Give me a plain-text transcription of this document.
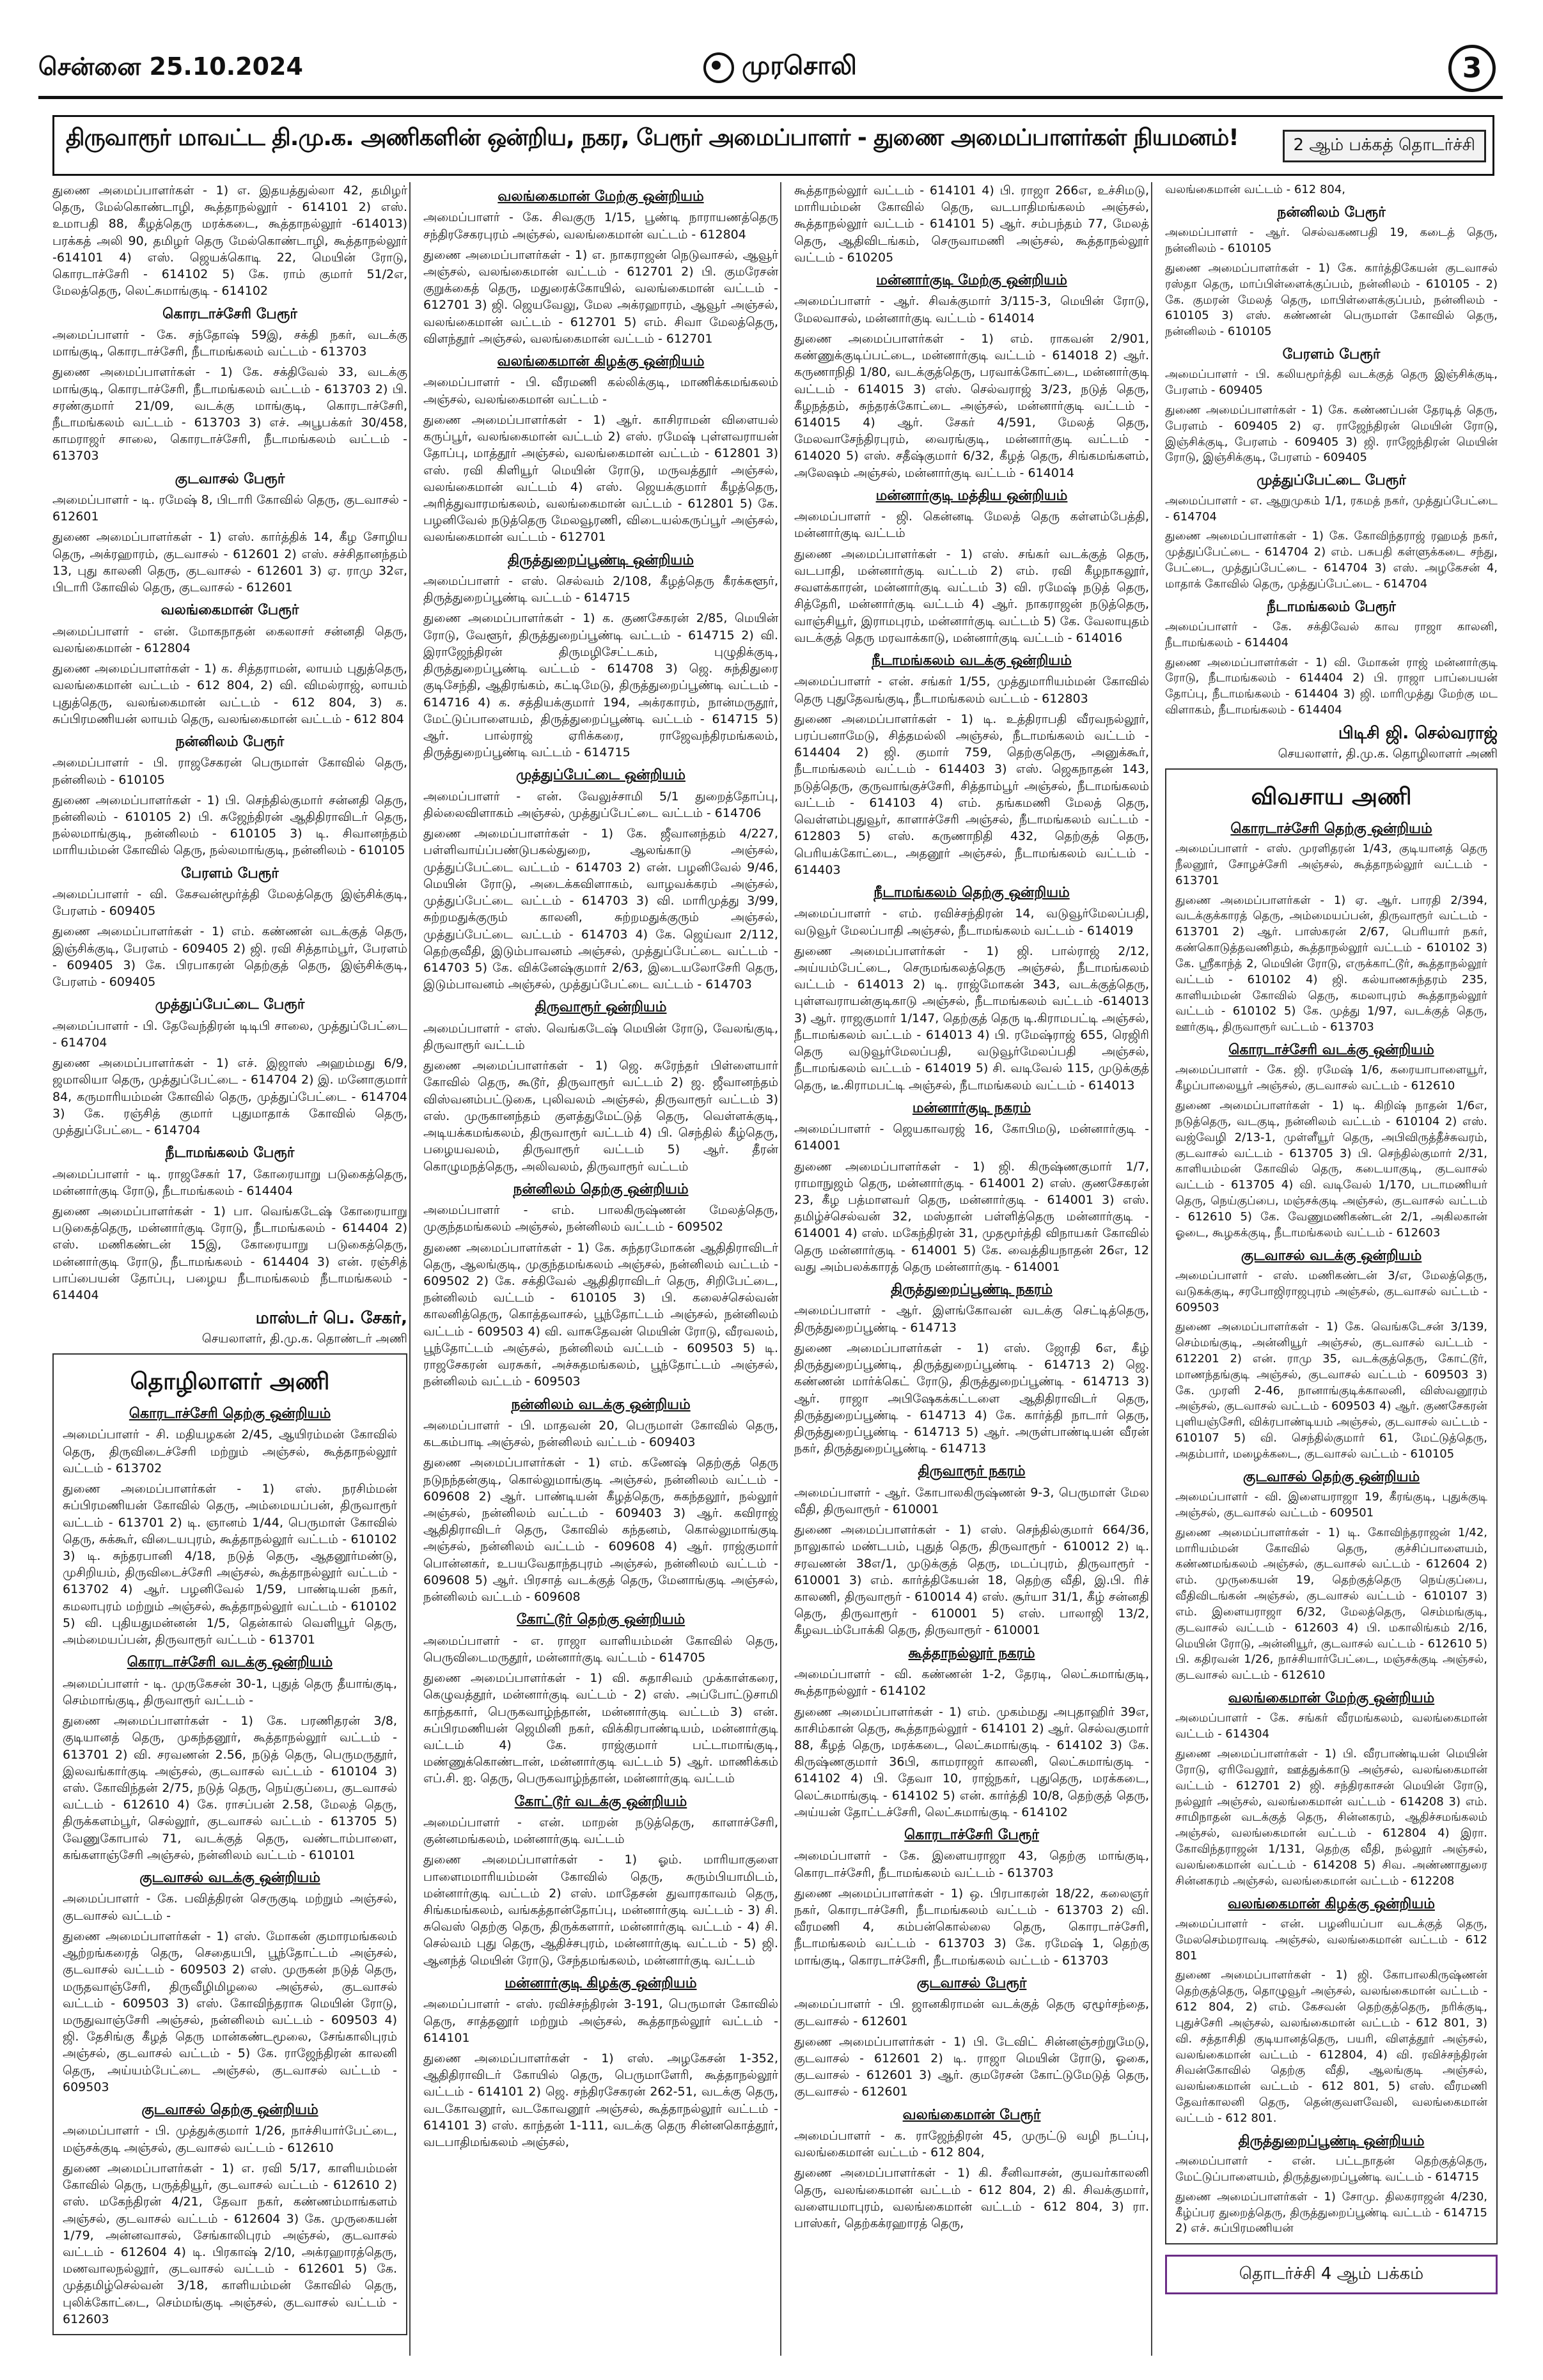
சென்னை 25.10.2024	முரசொலி	3
திருவாரூர் மாவட்ட தி.மு.க. அணிகளின் ஒன்றிய, நகர, பேரூர் அமைப்பாளர் - துணை அமைப்பாளர்கள் நியமனம்!	2 ஆம் பக்கத் தொடர்ச்சி

துணை அமைப்பாளர்கள் - 1) எ. இதயத்துல்லா 42, தமிழர் தெரு, மேல்கொண்டாழி, கூத்தாநல்லூர் - 614101 2) எஸ். உமாபதி 88, கீழத்தெரு மரக்கடை, கூத்தாநல்லூர் -614013) பரக்கத் அலி 90, தமிழர் தெரு மேல்கொண்டாழி, கூத்தாநல்லூர் -614101 4) எஸ். ஜெயக்கொடி 22, மெயின் ரோடு, கொரடாச்சேரி - 614102 5) கே. ராம் குமார் 51/2எ, மேலத்தெரு, லெட்சுமாங்குடி - 614102

கொரடாச்சேரி பேரூர்

அமைப்பாளர் - கே. சந்தோஷ் 59இ, சக்தி நகர், வடக்கு மாங்குடி, கொரடாச்சேரி, நீடாமங்கலம் வட்டம் - 613703

துணை அமைப்பாளர்கள் - 1) கே. சக்திவேல் 33, வடக்கு மாங்குடி, கொரடாச்சேரி, நீடாமங்கலம் வட்டம் - 613703 2) பி. சரண்குமார் 21/09, வடக்கு மாங்குடி, கொரடாச்சேரி, நீடாமங்கலம் வட்டம் - 613703 3) எச். அபூபக்கர் 30/458, காமராஜர் சாலை, கொரடாச்சேரி, நீடாமங்கலம் வட்டம் - 613703

குடவாசல் பேரூர்

அமைப்பாளர் - டி. ரமேஷ் 8, பிடாரி கோவில் தெரு, குடவாசல் - 612601

துணை அமைப்பாளர்கள் - 1) எஸ். கார்த்திக் 14, கீழ சோழிய தெரு, அக்ரஹாரம், குடவாசல் - 612601 2) எஸ். சச்சிதானந்தம் 13, புது காலனி தெரு, குடவாசல் - 612601 3) ஏ. ராமு 32எ, பிடாரி கோவில் தெரு, குடவாசல் - 612601

வலங்கைமான் பேரூர்

அமைப்பாளர் - என். மோகநாதன் கைலாசர் சன்னதி தெரு, வலங்கைமான் - 612804

துணை அமைப்பாளர்கள் - 1) க. சித்தராமன், லாயம் புதுத்தெரு, வலங்கைமான் வட்டம் - 612 804, 2) வி. விமல்ராஜ், லாயம் புதுத்தெரு, வலங்கைமான் வட்டம் - 612 804, 3) க. சுப்பிரமணியன் லாயம் தெரு, வலங்கைமான் வட்டம் - 612 804

நன்னிலம் பேரூர்

அமைப்பாளர் - பி. ராஜசேகரன் பெருமாள் கோவில் தெரு, நன்னிலம் - 610105

துணை அமைப்பாளர்கள் - 1) பி. செந்தில்குமார் சன்னதி தெரு, நன்னிலம் - 610105 2) பி. சுஜேந்திரன் ஆதிதிராவிடர் தெரு, நல்லமாங்குடி, நன்னிலம் - 610105 3) டி. சிவானந்தம் மாரியம்மன் கோவில் தெரு, நல்லமாங்குடி, நன்னிலம் - 610105

பேரளம் பேரூர்

அமைப்பாளர் - வி. கேசவன்மூர்த்தி மேலத்தெரு இஞ்சிக்குடி, பேரளம் - 609405

துணை அமைப்பாளர்கள் - 1) எம். கண்ணன் வடக்குத் தெரு, இஞ்சிக்குடி, பேரளம் - 609405 2) ஜி. ரவி சித்தாம்பூர், பேரளம் - 609405 3) கே. பிரபாகரன் தெற்குத் தெரு, இஞ்சிக்குடி, பேரளம் - 609405

முத்துப்பேட்டை பேரூர்

அமைப்பாளர் - பி. தேவேந்திரன் டிடிபி சாலை, முத்துப்பேட்டை - 614704

துணை அமைப்பாளர்கள் - 1) எச். இஜாஸ் அஹம்மது 6/9, ஜமாலியா தெரு, முத்துப்பேட்டை - 614704 2) இ. மனோகுமார் 84, கருமாரியம்மன் கோவில் தெரு, முத்துப்பேட்டை - 614704 3) கே. ரஞ்சித் குமார் புதுமாதாக் கோவில் தெரு, முத்துப்பேட்டை - 614704

நீடாமங்கலம் பேரூர்

அமைப்பாளர் - டி. ராஜசேகர் 17, கோரையாறு படுகைத்தெரு, மன்னார்குடி ரோடு, நீடாமங்கலம் - 614404

துணை அமைப்பாளர்கள் - 1) பா. வெங்கடேஷ் கோரையாறு படுகைத்தெரு, மன்னார்குடி ரோடு, நீடாமங்கலம் - 614404 2) எஸ். மணிகண்டன் 15இ, கோரையாறு படுகைத்தெரு, மன்னார்குடி ரோடு, நீடாமங்கலம் - 614404 3) என். ரஞ்சித் பாப்பையன் தோப்பு, பழைய நீடாமங்கலம் நீடாமங்கலம் - 614404

மாஸ்டர் பெ. சேகர்,
செயலாளர், தி.மு.க. தொண்டர் அணி
தொழிலாளர் அணி
கொரடாச்சேரி தெற்கு ஒன்றியம்

அமைப்பாளர் - சி. மதியழகன் 2/45, ஆயிரம்மன் கோவில் தெரு, திருவிடைச்சேரி மற்றும் அஞ்சல், கூத்தாநல்லூர் வட்டம் - 613702

துணை அமைப்பாளர்கள் - 1) எஸ். நரசிம்மன் சுப்பிரமணியன் கோவில் தெரு, அம்மையப்பன், திருவாரூர் வட்டம் - 613701 2) டி. ஞானம் 1/44, பெருமாள் கோவில் தெரு, சுக்கூர், விடையபுரம், கூத்தாநல்லூர் வட்டம் - 610102 3) டி. சுந்தரபானி 4/18, நடுத் தெரு, ஆதனூர்மண்டு, முசிறியம், திருவிடைச்சேரி அஞ்சல், கூத்தாநல்லூர் வட்டம் - 613702 4) ஆர். பழனிவேல் 1/59, பாண்டியன் நகர், கமலாபுரம் மற்றும் அஞ்சல், கூத்தாநல்லூர் வட்டம் - 610102 5) வி. புதியதுமன்னன் 1/5, தென்கால் வெளியூர் தெரு, அம்மையப்பன், திருவாரூர் வட்டம் - 613701

கொரடாச்சேரி வடக்கு ஒன்றியம்

அமைப்பாளர் - டி. முருகேசன் 30-1, புதுத் தெரு தீயாங்குடி, செம்மாங்குடி, திருவாரூர் வட்டம் -

துணை அமைப்பாளர்கள் - 1) கே. பரணிதரன் 3/8, குடியானத் தெரு, முகந்தனூர், கூத்தாநல்லூர் வட்டம் - 613701 2) வி. சரவணன் 2.56, நடுத் தெரு, பெருமருதூர், இலவங்கார்குடி அஞ்சல், குடவாசல் வட்டம் - 610104 3) எஸ். கோவிந்தன் 2/75, நடுத் தெரு, நெய்குப்பை, குடவாசல் வட்டம் - 612610 4) கே. ராசப்பன் 2.58, மேலத் தெரு, திருக்களம்பூர், செல்லூர், குடவாசல் வட்டம் - 613705 5) வேணுகோபால் 71, வடக்குத் தெரு, வண்டாம்பாளை, கங்களாஞ்சேரி அஞ்சல், நன்னிலம் வட்டம் - 610101

குடவாசல் வடக்கு ஒன்றியம்

அமைப்பாளர் - கே. பவித்திரன் செருகுடி மற்றும் அஞ்சல், குடவாசல் வட்டம் -

துணை அமைப்பாளர்கள் - 1) எஸ். மோகன் குமாரமங்கலம் ஆற்றங்கரைத் தெரு, செதையபி, பூந்தோட்டம் அஞ்சல், குடவாசல் வட்டம் - 609503 2) எஸ். முருகன் நடுத் தெரு, மருதவாஞ்சேரி, திருவீழிமிழலை அஞ்சல், குடவாசல் வட்டம் - 609503 3) எஸ். கோவிந்தராசு மெயின் ரோடு, மருதுவாஞ்சேரி அஞ்சல், நன்னிலம் வட்டம் - 609503 4) ஜி. தேசிங்கு கீழத் தெரு மான்கண்டமூலை, சேங்காலிபுரம் அஞ்சல், குடவாசல் வட்டம் - 5) கே. ராஜேந்திரன் காலனி தெரு, அய்யம்பேட்டை அஞ்சல், குடவாசல் வட்டம் - 609503

குடவாசல் தெற்கு ஒன்றியம்

அமைப்பாளர் - பி. முத்துக்குமார் 1/26, நாச்சியார்பேட்டை, மஞ்சக்குடி அஞ்சல், குடவாசல் வட்டம் - 612610

துணை அமைப்பாளர்கள் - 1) எ. ரவி 5/17, காளியம்மன் கோவில் தெரு, பருத்தியூர், குடவாசல் வட்டம் - 612610 2) எஸ். மகேந்திரன் 4/21, தேவா நகர், கண்ணம்மாங்களம் அஞ்சல், குடவாசல் வட்டம் - 612604 3) கே. முருகையன் 1/79, அன்னவாசல், சேங்காலிபுரம் அஞ்சல், குடவாசல் வட்டம் - 612604 4) டி. பிரகாஷ் 2/10, அக்ரஹாரத்தெரு, மணவாலநல்லூர், குடவாசல் வட்டம் - 612601 5) கே. முத்தமிழ்செல்வன் 3/18, காளியம்மன் கோவில் தெரு, புலிக்கோட்டை, செம்மங்குடி அஞ்சல், குடவாசல் வட்டம் - 612603

வலங்கைமான் மேற்கு ஒன்றியம்

அமைப்பாளர் - கே. சிவகுரு 1/15, பூண்டி நாராயணத்தெரு சந்திரசேகரபுரம் அஞ்சல், வலங்கைமான் வட்டம் - 612804

துணை அமைப்பாளர்கள் - 1) எ. நாகராஜன் நெடுவாசல், ஆவூர் அஞ்சல், வலங்கைமான் வட்டம் - 612701 2) பி. குமரேசன் குறுக்கைத் தெரு, மதுரைக்கோயில், வலங்கைமான் வட்டம் - 612701 3) ஜி. ஜெயவேலு, மேல அக்ரஹாரம், ஆவூர் அஞ்சல், வலங்கைமான் வட்டம் - 612701 5) எம். சிவா மேலத்தெரு, விளந்தூர் அஞ்சல், வலங்கைமான் வட்டம் - 612701

வலங்கைமான் கிழக்கு ஒன்றியம்

அமைப்பாளர் - பி. வீரமணி கல்லிக்குடி, மாணிக்கமங்கலம் அஞ்சல், வலங்கைமான் வட்டம் -

துணை அமைப்பாளர்கள் - 1) ஆர். காசிராமன் விளையல் கருப்பூர், வலங்கைமான் வட்டம் 2) எஸ். ரமேஷ் புள்ளவராயன் தோப்பு, மாத்தூர் அஞ்சல், வலங்கைமான் வட்டம் - 612801 3) எஸ். ரவி கிளியூர் மெயின் ரோடு, மருவத்தூர் அஞ்சல், வலங்கைமான் வட்டம் 4) எஸ். ஜெயக்குமார் கீழத்தெரு, அரித்துவாரமங்கலம், வலங்கைமான் வட்டம் - 612801 5) கே. பழனிவேல் நடுத்தெரு மேலவூரணி, விடையல்கருப்பூர் அஞ்சல், வலங்கைமான் வட்டம் - 612701

திருத்துறைப்பூண்டி ஒன்றியம்

அமைப்பாளர் - எஸ். செல்வம் 2/108, கீழத்தெரு கீரக்களூர், திருத்துறைப்பூண்டி வட்டம் - 614715

துணை அமைப்பாளர்கள் - 1) க. குணசேகரன் 2/85, மெயின் ரோடு, வேளூர், திருத்துறைப்பூண்டி வட்டம் - 614715 2) வி. இராஜேந்திரன் திருமழிசேட்டகம், புழுதிக்குடி, திருத்துறைப்பூண்டி வட்டம் - 614708 3) ஜெ. சுந்திதுரை குடிசேந்தி, ஆதிரங்கம், கட்டிமேடு, திருத்துறைப்பூண்டி வட்டம் - 614716 4) க. சத்தியக்குமார் 194, அக்ரகாரம், நான்மருதூர், மேட்டுப்பாளையம், திருத்துறைப்பூண்டி வட்டம் - 614715 5) ஆர். பால்ராஜ் ஏரிக்கரை, ராஜேவந்திரமங்கலம், திருத்துறைப்பூண்டி வட்டம் - 614715

முத்துப்பேட்டை ஒன்றியம்

அமைப்பாளர் - என். வேலுச்சாமி 5/1 துறைத்தோப்பு, தில்லைவிளாகம் அஞ்சல், முத்துப்பேட்டை வட்டம் - 614706

துணை அமைப்பாளர்கள் - 1) கே. ஜீவானந்தம் 4/227, பள்ளிவாய்ப்பண்டுபகல்துறை, ஆலங்காடு அஞ்சல், முத்துப்பேட்டை வட்டம் - 614703 2) என். பழனிவேல் 9/46, மெயின் ரோடு, அடைக்கவிளாகம், வாழவக்கரம் அஞ்சல், முத்துப்பேட்டை வட்டம் - 614703 3) வி. மாரிமுத்து 3/99, சுற்றமதுக்குரும் காலனி, சுற்றமதுக்குரும் அஞ்சல், முத்துப்பேட்டை வட்டம் - 614703 4) கே. ஜெய்வா 2/112, தெற்குவீதி, இடும்பாவனம் அஞ்சல், முத்துப்பேட்டை வட்டம் - 614703 5) கே. விக்னேஷ்குமார் 2/63, இடையலோசேரி தெரு, இடும்பாவனம் அஞ்சல், முத்துப்பேட்டை வட்டம் - 614703

திருவாரூர் ஒன்றியம்

அமைப்பாளர் - எஸ். வெங்கடேஷ் மெயின் ரோடு, வேலங்குடி, திருவாரூர் வட்டம்

துணை அமைப்பாளர்கள் - 1) ஜெ. சுரேந்தர் பிள்ளையார் கோவில் தெரு, கூடூர், திருவாரூர் வட்டம் 2) ஜ. ஜீவானந்தம் விஸ்வனம்பட்டுகை, புலிவலம் அஞ்சல், திருவாரூர் வட்டம் 3) எஸ். முருகானந்தம் குளத்துமேட்டுத் தெரு, வெள்ளக்குடி, அடியக்கமங்கலம், திருவாரூர் வட்டம் 4) பி. செந்தில் கீழ்தெரு, பழையவலம், திருவாரூர் வட்டம் 5) ஆர். தீரன் கொழுமநத்தெரு, அலிவலம், திருவாரூர் வட்டம்

நன்னிலம் தெற்கு ஒன்றியம்

அமைப்பாளர் - எம். பாலகிருஷ்ணன் மேலத்தெரு, முகுந்தமங்கலம் அஞ்சல், நன்னிலம் வட்டம் - 609502

துணை அமைப்பாளர்கள் - 1) கே. சுந்தரமோகன் ஆதிதிராவிடர் தெரு, ஆலங்குடி, முகுந்தமங்கலம் அஞ்சல், நன்னிலம் வட்டம் - 609502 2) கே. சக்திவேல் ஆதிதிராவிடர் தெரு, சிறிபேட்டை, நன்னிலம் வட்டம் - 610105 3) பி. கலைச்செல்வன் காலனித்தெரு, கொத்தவாசல், பூந்தோட்டம் அஞ்சல், நன்னிலம் வட்டம் - 609503 4) வி. வாசுதேவன் மெயின் ரோடு, வீரவலம், பூந்தோட்டம் அஞ்சல், நன்னிலம் வட்டம் - 609503 5) டி. ராஜசேகரன் வரசுகர், அச்சுதமங்கலம், பூந்தோட்டம் அஞ்சல், நன்னிலம் வட்டம் - 609503

நன்னிலம் வடக்கு ஒன்றியம்

அமைப்பாளர் - பி. மாதவன் 20, பெருமாள் கோவில் தெரு, கடகம்பாடி அஞ்சல், நன்னிலம் வட்டம் - 609403

துணை அமைப்பாளர்கள் - 1) எம். கணேஷ் தெற்குத் தெரு நடுநந்தன்குடி, கொல்லுமாங்குடி அஞ்சல், நன்னிலம் வட்டம் - 609608 2) ஆர். பாண்டியன் கீழத்தெரு, சுகந்தலூர், நல்லூர் அஞ்சல், நன்னிலம் வட்டம் - 609403 3) ஆர். கவிராஜ் ஆதிதிராவிடர் தெரு, கோவில் கந்தனம், கொல்லுமாங்குடி அஞ்சல், நன்னிலம் வட்டம் - 609608 4) ஆர். ராஜ்குமார் பொன்னகர், உபயவேதாந்தபுரம் அஞ்சல், நன்னிலம் வட்டம் - 609608 5) ஆர். பிரசாத் வடக்குத் தெரு, மேனாங்குடி அஞ்சல், நன்னிலம் வட்டம் - 609608

கோட்டூர் தெற்கு ஒன்றியம்

அமைப்பாளர் - எ. ராஜா வாளியம்மன் கோவில் தெரு, பெருவிடைமருதூர், மன்னார்குடி வட்டம் - 614705

துணை அமைப்பாளர்கள் - 1) வி. சுதாசிவம் முக்காள்கரை, கெழுவத்தூர், மன்னார்குடி வட்டம் - 2) எஸ். அப்போட்டுசாமி காந்தகார், பெருகவாழ்ந்தான், மன்னார்குடி வட்டம் 3) என். சுப்பிரமணியன் ஜெமினி நகர், விக்கிரபாண்டியம், மன்னார்குடி வட்டம் 4) கே. ராஜ்குமார் பட்டாமாங்குடி, மண்ணுக்கொண்டான், மன்னார்குடி வட்டம் 5) ஆர். மாணிக்கம் எப்.சி. ஐ. தெரு, பெருகவாழ்ந்தான், மன்னார்குடி வட்டம்

கோட்டூர் வடக்கு ஒன்றியம்

அமைப்பாளர் - என். மாறன் நடுத்தெரு, காளாச்சேரி, குன்னமங்கலம், மன்னார்குடி வட்டம்

துணை அமைப்பாளர்கள் - 1) ஓம். மாரியாகுளை பாளைமமாரியம்மன் கோவில் தெரு, சுரும்பியாமிடம், மன்னார்குடி வட்டம் 2) எஸ். மாதேசன் துவாரகாவம் தெரு, சிங்கமங்கலம், வங்கத்தான்தோப்பு, மன்னார்குடி வட்டம் - 3) சி. சுவெஸ் தெற்கு தெரு, திருக்களார், மன்னார்குடி வட்டம் - 4) சி. செல்வம் புது தெரு, ஆதிச்சபுரம், மன்னார்குடி வட்டம் - 5) ஜி. ஆனந்த் மெயின் ரோடு, சேந்தமங்கலம், மன்னார்குடி வட்டம்

மன்னார்குடி கிழக்கு ஒன்றியம்

அமைப்பாளர் - எஸ். ரவிச்சந்திரன் 3-191, பெருமாள் கோவில் தெரு, சாத்தனூர் மற்றும் அஞ்சல், கூத்தாநல்லூர் வட்டம் - 614101

துணை அமைப்பாளர்கள் - 1) எஸ். அழகேசன் 1-352, ஆதிதிராவிடர் கோயில் தெரு, பெருமாளேரி, கூத்தாநல்லூர் வட்டம் - 614101 2) ஜெ. சந்திரசேகரன் 262-51, வடக்கு தெரு, வடகோவனூர், வடகோவனூர் அஞ்சல், கூத்தாநல்லூர் வட்டம் - 614101 3) எஸ். காந்தன் 1-111, வடக்கு தெரு சின்னகொத்தூர், வடபாதிமங்கலம் அஞ்சல்,

கூத்தாநல்லூர் வட்டம் - 614101 4) பி. ராஜா 266எ, உச்சிமடு, மாரியம்மன் கோவில் தெரு, வடபாதிமங்கலம் அஞ்சல், கூத்தாநல்லூர் வட்டம் - 614101 5) ஆர். சம்பந்தம் 77, மேலத் தெரு, ஆதிவிடங்கம், செருவாமணி அஞ்சல், கூத்தாநல்லூர் வட்டம் - 610205

மன்னார்குடி மேற்கு ஒன்றியம்

அமைப்பாளர் - ஆர். சிவக்குமார் 3/115-3, மெயின் ரோடு, மேலவாசல், மன்னார்குடி வட்டம் - 614014

துணை அமைப்பாளர்கள் - 1) எம். ராகவன் 2/901, கண்ணுக்குடிப்பட்டை, மன்னார்குடி வட்டம் - 614018 2) ஆர். கருணாநிதி 1/80, வடக்குத்தெரு, பரவாக்கோட்டை, மன்னார்குடி வட்டம் - 614015 3) எஸ். செல்வராஜ் 3/23, நடுத் தெரு, கீழநத்தம், சுந்தரக்கோட்டை அஞ்சல், மன்னார்குடி வட்டம் - 614015 4) ஆர். சேகர் 4/591, மேலத் தெரு, மேலவாசேந்திரபுரம், வைரங்குடி, மன்னார்குடி வட்டம் - 614020 5) எஸ். சதீஷ்குமார் 6/32, கீழத் தெரு, சிங்கமங்களம், அலேஷம் அஞ்சல், மன்னார்குடி வட்டம் - 614014

மன்னார்குடி மத்திய ஒன்றியம்

அமைப்பாளர் - ஜி. கென்னடி மேலத் தெரு கள்ளம்பேத்தி, மன்னார்குடி வட்டம்

துணை அமைப்பாளர்கள் - 1) எஸ். சங்கர் வடக்குத் தெரு, வடபாதி, மன்னார்குடி வட்டம் 2) எம். ரவி கீழநாகலூர், சவளக்காரன், மன்னார்குடி வட்டம் 3) வி. ரமேஷ் நடுத் தெரு, சித்தேரி, மன்னார்குடி வட்டம் 4) ஆர். நாகராஜன் நடுத்தெரு, வாஞ்சியூர், இராமபுரம், மன்னார்குடி வட்டம் 5) கே. வேலாயுதம் வடக்குத் தெரு மரவாக்காடு, மன்னார்குடி வட்டம் - 614016

நீடாமங்கலம் வடக்கு ஒன்றியம்

அமைப்பாளர் - என். சங்கர் 1/55, முத்துமாரியம்மன் கோவில் தெரு புதுதேவங்குடி, நீடாமங்கலம் வட்டம் - 612803

துணை அமைப்பாளர்கள் - 1) டி. உத்திராபதி வீரவநல்லூர், பரப்பனாமேடு, சித்தமல்லி அஞ்சல், நீடாமங்கலம் வட்டம் - 614404 2) ஜி. குமார் 759, தெற்குதெரு, அனுக்கூர், நீடாமங்கலம் வட்டம் - 614403 3) எஸ். ஜெகநாதன் 143, நடுத்தெரு, குருவாங்குச்சேரி, சித்தாம்பூர் அஞ்சல், நீடாமங்கலம் வட்டம் - 614103 4) எம். தங்கமணி மேலத் தெரு, வெள்ளம்புதுவூர், காளாச்சேரி அஞ்சல், நீடாமங்கலம் வட்டம் - 612803 5) எஸ். கருணாநிதி 432, தெற்குத் தெரு, பெரியக்கோட்டை, அதனூர் அஞ்சல், நீடாமங்கலம் வட்டம் - 614403

நீடாமங்கலம் தெற்கு ஒன்றியம்

அமைப்பாளர் - எம். ரவிச்சந்திரன் 14, வடுவூர்மேலப்பதி, வடுவூர் மேலப்பாதி அஞ்சல், நீடாமங்கலம் வட்டம் - 614019

துணை அமைப்பாளர்கள் - 1) ஜி. பால்ராஜ் 2/12, அய்யம்பேட்டை, செருமங்கலத்தெரு அஞ்சல், நீடாமங்கலம் வட்டம் - 614013 2) டி. ராஜ்மோகன் 343, வடக்குத்தெரு, புள்ளவராயன்குடிகாடு அஞ்சல், நீடாமங்கலம் வட்டம் -614013 3) ஆர். ராஜகுமார் 1/147, தெற்குத் தெரு டி.கிராமபட்டி அஞ்சல், நீடாமங்கலம் வட்டம் - 614013 4) பி. ரமேஷ்ராஜ் 655, ரெஜிரி தெரு வடுவூர்மேலப்பதி, வடுவூர்மேலப்பதி அஞ்சல், நீடாமங்கலம் வட்டம் - 614019 5) சி. வடிவேல் 115, முடுக்குத் தெரு, டீ.கிராமபட்டி அஞ்சல், நீடாமங்கலம் வட்டம் - 614013

மன்னார்குடி நகரம்

அமைப்பாளர் - ஜெயகாவரஜ் 16, கோபிமடு, மன்னார்குடி - 614001

துணை அமைப்பாளர்கள் - 1) ஜி. கிருஷ்ணகுமார் 1/7, ராமாநுஜம் தெரு, மன்னார்குடி - 614001 2) எஸ். குணசேகரன் 23, கீழ பத்மாளவர் தெரு, மன்னார்குடி - 614001 3) எஸ். தமிழ்ச்செல்வன் 32, மஸ்தான் பள்ளித்தெரு மன்னார்குடி - 614001 4) எஸ். மகேந்திரன் 31, முதமூர்த்தி விநாயகர் கோவில் தெரு மன்னார்குடி - 614001 5) கே. வைத்தியநாதன் 26எ, 12 வது அம்பலக்காரத் தெரு மன்னார்குடி - 614001

திருத்துறைப்பூண்டி நகரம்

அமைப்பாளர் - ஆர். இளங்கோவன் வடக்கு செட்டித்தெரு, திருத்துறைப்பூண்டி - 614713

துணை அமைப்பாளர்கள் - 1) எஸ். ஜோதி 6எ, கீழ் திருத்துறைப்பூண்டி, திருத்துறைப்பூண்டி - 614713 2) ஜெ. கண்ணன் மார்க்கெட் ரோடு, திருத்துறைப்பூண்டி - 614713 3) ஆர். ராஜா அபிஷேகக்கட்டளை ஆதிதிராவிடர் தெரு, திருத்துறைப்பூண்டி - 614713 4) கே. கார்த்தி நாடார் தெரு, திருத்துறைப்பூண்டி - 614713 5) ஆர். அருள்பாண்டியன் வீரன் நகர், திருத்துறைப்பூண்டி - 614713

திருவாரூர் நகரம்

அமைப்பாளர் - ஆர். கோபாலகிருஷ்ணன் 9-3, பெருமாள் மேல வீதி, திருவாரூர் - 610001

துணை அமைப்பாளர்கள் - 1) எஸ். செந்தில்குமார் 664/36, நாலுகால் மண்டபம், புதுத் தெரு, திருவாரூர் - 610012 2) டி. சரவணன் 38எ/1, முடுக்குத் தெரு, மடப்புரம், திருவாரூர் - 610001 3) எம். கார்த்திகேயன் 18, தெற்கு வீதி, இ.பி. ரிச் காலணி, திருவாரூர் - 610014 4) எஸ். சூர்யா 31/1, கீழ் சன்னதி தெரு, திருவாரூர் - 610001 5) எஸ். பாலாஜி 13/2, கீழவடம்போக்கி தெரு, திருவாரூர் - 610001

கூத்தாநல்லூர் நகரம்

அமைப்பாளர் - வி. கண்ணன் 1-2, தேரடி, லெட்சுமாங்குடி, கூத்தாநல்லூர் - 614102

துணை அமைப்பாளர்கள் - 1) எம். முகம்மது அபுதாஹிர் 39எ, காசிம்கான் தெரு, கூத்தாநல்லூர் - 614101 2) ஆர். செல்வகுமார் 88, கீழத் தெரு, மரக்கடை, லெட்சுமாங்குடி - 614102 3) கே. கிருஷ்ணகுமார் 36பி, காமராஜர் காலனி, லெட்சுமாங்குடி - 614102 4) பி. தேவா 10, ராஜ்நகர், புதுதெரு, மரக்கடை, லெட்சுமாங்குடி - 614102 5) என். கார்த்தி 10/8, தெற்குத் தெரு, அய்யன் தோட்டச்சேரி, லெட்சுமாங்குடி - 614102

கொரடாச்சேரி பேரூர்

அமைப்பாளர் - கே. இளையராஜா 43, தெற்கு மாங்குடி, கொரடாச்சேரி, நீடாமங்கலம் வட்டம் - 613703

துணை அமைப்பாளர்கள் - 1) ஒ. பிரபாகரன் 18/22, கலைஞர் நகர், கொரடாச்சேரி, நீடாமங்கலம் வட்டம் - 613703 2) வி. வீரமணி 4, கம்பன்கொல்லை தெரு, கொரடாச்சேரி, நீடாமங்கலம் வட்டம் - 613703 3) கே. ரமேஷ் 1, தெற்கு மாங்குடி, கொரடாச்சேரி, நீடாமங்கலம் வட்டம் - 613703

குடவாசல் பேரூர்

அமைப்பாளர் - பி. ஜானகிராமன் வடக்குத் தெரு ஏழூர்சந்தை, குடவாசல் - 612601

துணை அமைப்பாளர்கள் - 1) பி. டேவிட் சின்னஞ்சற்றுமேடு, குடவாசல் - 612601 2) டி. ராஜா மெயின் ரோடு, ஓகை, குடவாசல் - 612601 3) ஆர். குமரேசன் கோட்டுமேடுத் தெரு, குடவாசல் - 612601

வலங்கைமான் பேரூர்

அமைப்பாளர் - க. ராஜேந்திரன் 45, முருட்டு வழி நடப்பு, வலங்கைமான் வட்டம் - 612 804,

துணை அமைப்பாளர்கள் - 1) கி. சீனிவாசன், குயவர்காலனி தெரு, வலங்கைமான் வட்டம் - 612 804, 2) கி. சிவக்குமார், வளையமாபுரம், வலங்கைமான் வட்டம் - 612 804, 3) ரா. பாஸ்கர், தெற்கக்ரஹாரத் தெரு,

வலங்கைமான் வட்டம் - 612 804,

நன்னிலம் பேரூர்

அமைப்பாளர் - ஆர். செல்வகணபதி 19, கடைத் தெரு, நன்னிலம் - 610105

துணை அமைப்பாளர்கள் - 1) கே. கார்த்திகேயன் குடவாசல் ரஸ்தா தெரு, மாப்பிள்ளைக்குப்பம், நன்னிலம் - 610105 - 2) கே. குமரன் மேலத் தெரு, மாபிள்ளைக்குப்பம், நன்னிலம் - 610105 3) எஸ். கண்ணன் பெருமாள் கோவில் தெரு, நன்னிலம் - 610105

பேரளம் பேரூர்

அமைப்பாளர் - பி. கலியமூர்த்தி வடக்குத் தெரு இஞ்சிக்குடி, பேரளம் - 609405

துணை அமைப்பாளர்கள் - 1) கே. கண்ணப்பன் தேரடித் தெரு, பேரளம் - 609405 2) ஏ. ராஜேந்திரன் மெயின் ரோடு, இஞ்சிக்குடி, பேரளம் - 609405 3) ஜி. ராஜேந்திரன் மெயின் ரோடு, இஞ்சிக்குடி, பேரளம் - 609405

முத்துப்பேட்டை பேரூர்

அமைப்பாளர் - எ. ஆறுமுகம் 1/1, ரகமத் நகர், முத்துப்பேட்டை - 614704

துணை அமைப்பாளர்கள் - 1) கே. கோவிந்தராஜ் ரஹமத் நகர், முத்துப்பேட்டை - 614704 2) எம். பசுபதி கள்ளுக்கடை சந்து, பேட்டை, முத்துப்பேட்டை - 614704 3) எஸ். அழகேசன் 4, மாதாக் கோவில் தெரு, முத்துப்பேட்டை - 614704

நீடாமங்கலம் பேரூர்

அமைப்பாளர் - கே. சக்திவேல் காவ ராஜா காலனி, நீடாமங்கலம் - 614404

துணை அமைப்பாளர்கள் - 1) வி. மோகன் ராஜ் மன்னார்குடி ரோடு, நீடாமங்கலம் - 614404 2) பி. ராஜா பாப்பையன் தோப்பு, நீடாமங்கலம் - 614404 3) ஜி. மாரிமுத்து மேற்கு மட விளாகம், நீடாமங்கலம் - 614404

பிடிசி ஜி. செல்வராஜ்
செயலாளர், தி.மு.க. தொழிலாளர் அணி
விவசாய அணி
கொரடாச்சேரி தெற்கு ஒன்றியம்

அமைப்பாளர் - எஸ். முரளிதரன் 1/43, குடியானத் தெரு நீலனூர், சோழச்சேரி அஞ்சல், கூத்தாநல்லூர் வட்டம் - 613701

துணை அமைப்பாளர்கள் - 1) ஏ. ஆர். பாரதி 2/394, வடக்குக்காரத் தெரு, அம்மையப்பன், திருவாரூர் வட்டம் - 613701 2) ஆர். பாஸ்கரன் 2/67, பெரியார் நகர், கண்கொடுத்தவணிதம், கூத்தாநல்லூர் வட்டம் - 610102 3) கே. ஸ்ரீகாந்த் 2, மெயின் ரோடு, எருக்காட்டூர், கூத்தாநல்லூர் வட்டம் - 610102 4) ஜி. கல்யாணசுந்தரம் 235, காளியம்மன் கோவில் தெரு, கமலாபுரம் கூத்தாநல்லூர் வட்டம் - 610102 5) கே. முத்து 1/97, வடக்குத் தெரு, ஊர்குடி, திருவாரூர் வட்டம் - 613703

கொரடாச்சேரி வடக்கு ஒன்றியம்

அமைப்பாளர் - கே. ஜி. ரமேஷ் 1/6, கரையாபாளையூர், கீழப்பாலையூர் அஞ்சல், குடவாசல் வட்டம் - 612610

துணை அமைப்பாளர்கள் - 1) டி. கிறிஷ் நாதன் 1/6எ, நடுத்தெரு, வடகுடி, நன்னிலம் வட்டம் - 610104 2) எஸ். வஜ்வேழி 2/13-1, முள்ளீயூர் தெரு, அபிவிருத்தீச்சுவரம், குடவாசல் வட்டம் - 613705 3) பி. செந்தில்குமார் 2/31, காளியம்மன் கோவில் தெரு, கடையாகுடி, குடவாசல் வட்டம் - 613705 4) வி. வடிவேல் 1/170, படாமணியர் தெரு, நெய்குப்பை, மஞ்சக்குடி அஞ்சல், குடவாசல் வட்டம் - 612610 5) கே. வேணுமணிகண்டன் 2/1, அகிலகான் ஓடை, கூழகக்குடி, நீடாமங்கலம் வட்டம் - 612603

குடவாசல் வடக்கு ஒன்றியம்

அமைப்பாளர் - எஸ். மணிகண்டன் 3/எ, மேலத்தெரு, வடுகக்குடி, சரபோஜிராஜபுரம் அஞ்சல், குடவாசல் வட்டம் - 609503

துணை அமைப்பாளர்கள் - 1) கே. வெங்கடேசன் 3/139, செம்மங்குடி, அன்னியூர் அஞ்சல், குடவாசல் வட்டம் - 612201 2) என். ராமு 35, வடக்குத்தெரு, கோட்டூர், மாணந்தங்குடி அஞ்சல், குடவாசல் வட்டம் - 609503 3) கே. முரளி 2-46, நானாங்குடிக்காலனி, விஸ்வனூரம் அஞ்சல், குடவாசல் வட்டம் - 609503 4) ஆர். குணசேகரன் புளியஞ்சேரி, விக்ரபாண்டியம் அஞ்சல், குடவாசல் வட்டம் - 610107 5) வி. செந்தில்குமார் 61, மேட்டுத்தெரு, அதம்பார், மழைக்கடை, குடவாசல் வட்டம் - 610105

குடவாசல் தெற்கு ஒன்றியம்

அமைப்பாளர் - வி. இளையராஜா 19, கீரங்குடி, புதுக்குடி அஞ்சல், குடவாசல் வட்டம் - 609501

துணை அமைப்பாளர்கள் - 1) டி. கோவிந்தராஜன் 1/42, மாரியம்மன் கோவில் தெரு, குச்சிப்பாளையம், கண்ணமங்கலம் அஞ்சல், குடவாசல் வட்டம் - 612604 2) எம். முருகையன் 19, தெற்குத்தெரு நெய்குப்பை, வீதிவிடங்கன் அஞ்சல், குடவாசல் வட்டம் - 610107 3) எம். இளையராஜா 6/32, மேலத்தெரு, செம்மங்குடி, குடவாசல் வட்டம் - 612603 4) பி. மகாலிங்கம் 2/16, மெயின் ரோடு, அன்னியூர், குடவாசல் வட்டம் - 612610 5) பி. கதிரவன் 1/26, நாச்சியார்பேட்டை, மஞ்சக்குடி அஞ்சல், குடவாசல் வட்டம் - 612610

வலங்கைமான் மேற்கு ஒன்றியம்

அமைப்பாளர் - கே. சங்கர் வீரமங்கலம், வலங்கைமான் வட்டம் - 614304

துணை அமைப்பாளர்கள் - 1) பி. வீரபாண்டியன் மெயின் ரோடு, ஏரிவேலூர், ஊத்துக்காடு அஞ்சல், வலங்கைமான் வட்டம் - 612701 2) ஜி. சந்திரகாசன் மெயின் ரோடு, நல்லூர் அஞ்சல், வலங்கைமான் வட்டம் - 614208 3) எம். சாமிநாதன் வடக்குத் தெரு, சின்னகரம், ஆதிச்சமங்கலம் அஞ்சல், வலங்கைமான் வட்டம் - 612804 4) இரா. கோவிந்தராஜன் 1/131, தெற்கு வீதி, நல்லூர் அஞ்சல், வலங்கைமான் வட்டம் - 614208 5) சிவ. அண்ணாதுரை சின்னகரம் அஞ்சல், வலங்கைமான் வட்டம் - 612208

வலங்கைமான் கிழக்கு ஒன்றியம்

அமைப்பாளர் - என். பழனியப்பா வடக்குத் தெரு, மேலசெம்மராவடி அஞ்சல், வலங்கைமான் வட்டம் - 612 801

துணை அமைப்பாளர்கள் - 1) ஜி. கோபாலகிருஷ்ணன் தெற்குத்தெரு, தொழுவூர் அஞ்சல், வலங்கைமான் வட்டம் - 612 804, 2) எம். கேசவன் தெற்குத்தெரு, நரிக்குடி, புதுச்சேரி அஞ்சல், வலங்கைமான் வட்டம் - 612 801, 3) வி. சத்தாசிதி குடியானத்தெரு, பயரி, விளத்தூர் அஞ்சல், வலங்கைமான் வட்டம் - 612804, 4) வி. ரவிச்சந்திரன் சிவன்கோவில் தெற்கு வீதி, ஆலங்குடி அஞ்சல், வலங்கைமான் வட்டம் - 612 801, 5) எஸ். வீரமணி தேவர்காலனி தெரு, தென்குவளவேலி, வலங்கைமான் வட்டம் - 612 801.

திருத்துறைப்பூண்டி ஒன்றியம்

அமைப்பாளர் - என். பட்டநாதன் தெற்குத்தெரு, மேட்டுப்பாளையம், திருத்துறைப்பூண்டி வட்டம் - 614715

துணை அமைப்பாளர்கள் - 1) சோமு. திலகராஜன் 4/230, கீழ்ப்பர துறைத்தெரு, திருத்துறைப்பூண்டி வட்டம் - 614715 2) எச். சுப்பிரமணியன்

தொடர்ச்சி 4 ஆம் பக்கம்
